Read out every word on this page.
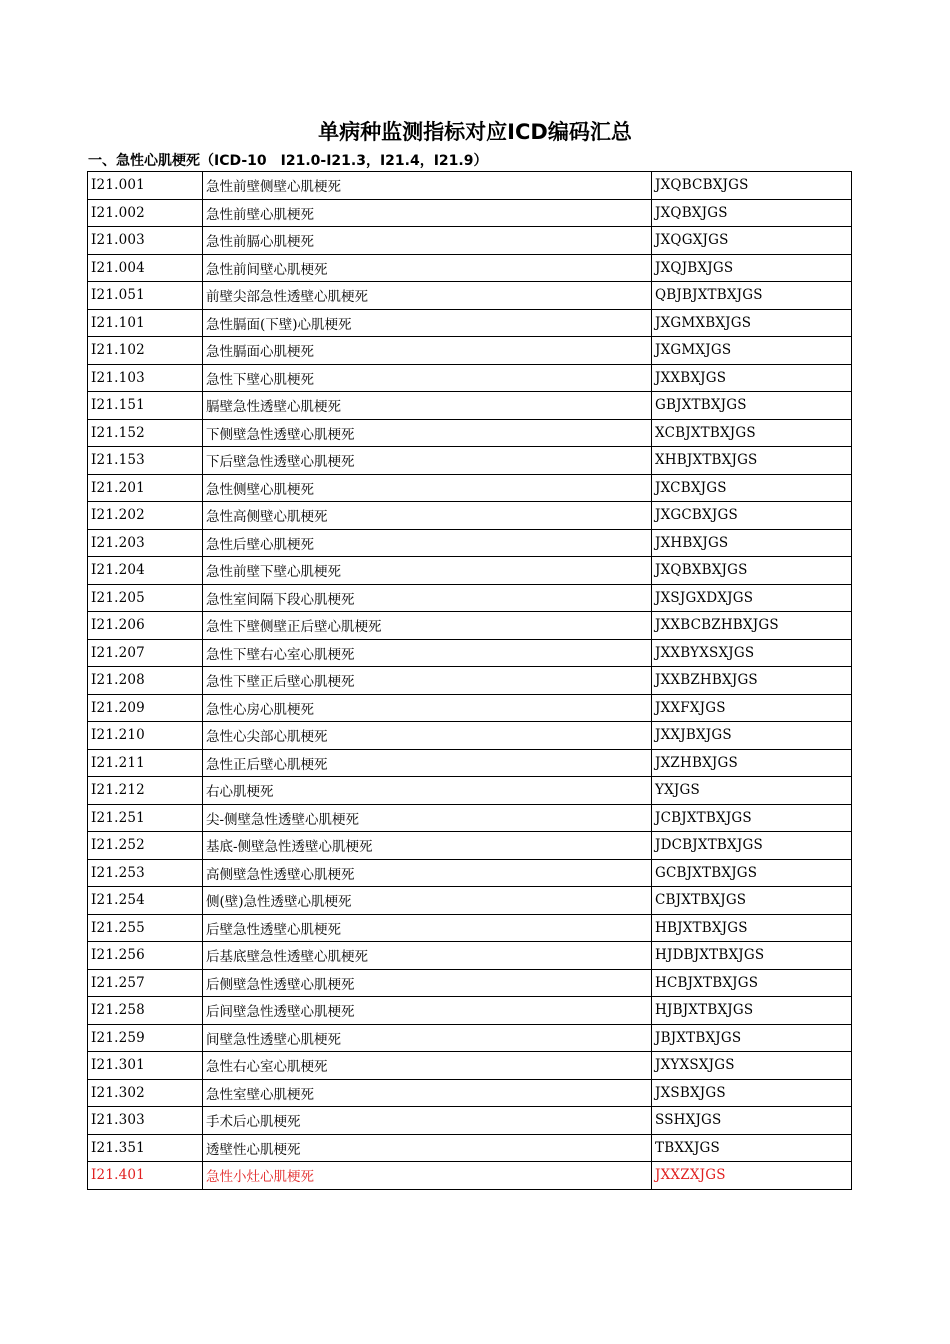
单病种监测指标对应ICD编码汇总
一、急性心肌梗死（ICD-10　I21.0-I21.3，I21.4，I21.9）
I21.001	急性前壁侧壁心肌梗死	JXQBCBXJGS
I21.002	急性前壁心肌梗死	JXQBXJGS
I21.003	急性前膈心肌梗死	JXQGXJGS
I21.004	急性前间壁心肌梗死	JXQJBXJGS
I21.051	前壁尖部急性透壁心肌梗死	QBJBJXTBXJGS
I21.101	急性膈面(下壁)心肌梗死	JXGMXBXJGS
I21.102	急性膈面心肌梗死	JXGMXJGS
I21.103	急性下壁心肌梗死	JXXBXJGS
I21.151	膈壁急性透壁心肌梗死	GBJXTBXJGS
I21.152	下侧壁急性透壁心肌梗死	XCBJXTBXJGS
I21.153	下后壁急性透壁心肌梗死	XHBJXTBXJGS
I21.201	急性侧壁心肌梗死	JXCBXJGS
I21.202	急性高侧壁心肌梗死	JXGCBXJGS
I21.203	急性后壁心肌梗死	JXHBXJGS
I21.204	急性前壁下壁心肌梗死	JXQBXBXJGS
I21.205	急性室间隔下段心肌梗死	JXSJGXDXJGS
I21.206	急性下壁侧壁正后壁心肌梗死	JXXBCBZHBXJGS
I21.207	急性下壁右心室心肌梗死	JXXBYXSXJGS
I21.208	急性下壁正后壁心肌梗死	JXXBZHBXJGS
I21.209	急性心房心肌梗死	JXXFXJGS
I21.210	急性心尖部心肌梗死	JXXJBXJGS
I21.211	急性正后壁心肌梗死	JXZHBXJGS
I21.212	右心肌梗死	YXJGS
I21.251	尖-侧壁急性透壁心肌梗死	JCBJXTBXJGS
I21.252	基底-侧壁急性透壁心肌梗死	JDCBJXTBXJGS
I21.253	高侧壁急性透壁心肌梗死	GCBJXTBXJGS
I21.254	侧(壁)急性透壁心肌梗死	CBJXTBXJGS
I21.255	后壁急性透壁心肌梗死	HBJXTBXJGS
I21.256	后基底壁急性透壁心肌梗死	HJDBJXTBXJGS
I21.257	后侧壁急性透壁心肌梗死	HCBJXTBXJGS
I21.258	后间壁急性透壁心肌梗死	HJBJXTBXJGS
I21.259	间壁急性透壁心肌梗死	JBJXTBXJGS
I21.301	急性右心室心肌梗死	JXYXSXJGS
I21.302	急性室壁心肌梗死	JXSBXJGS
I21.303	手术后心肌梗死	SSHXJGS
I21.351	透壁性心肌梗死	TBXXJGS
I21.401	急性小灶心肌梗死	JXXZXJGS
